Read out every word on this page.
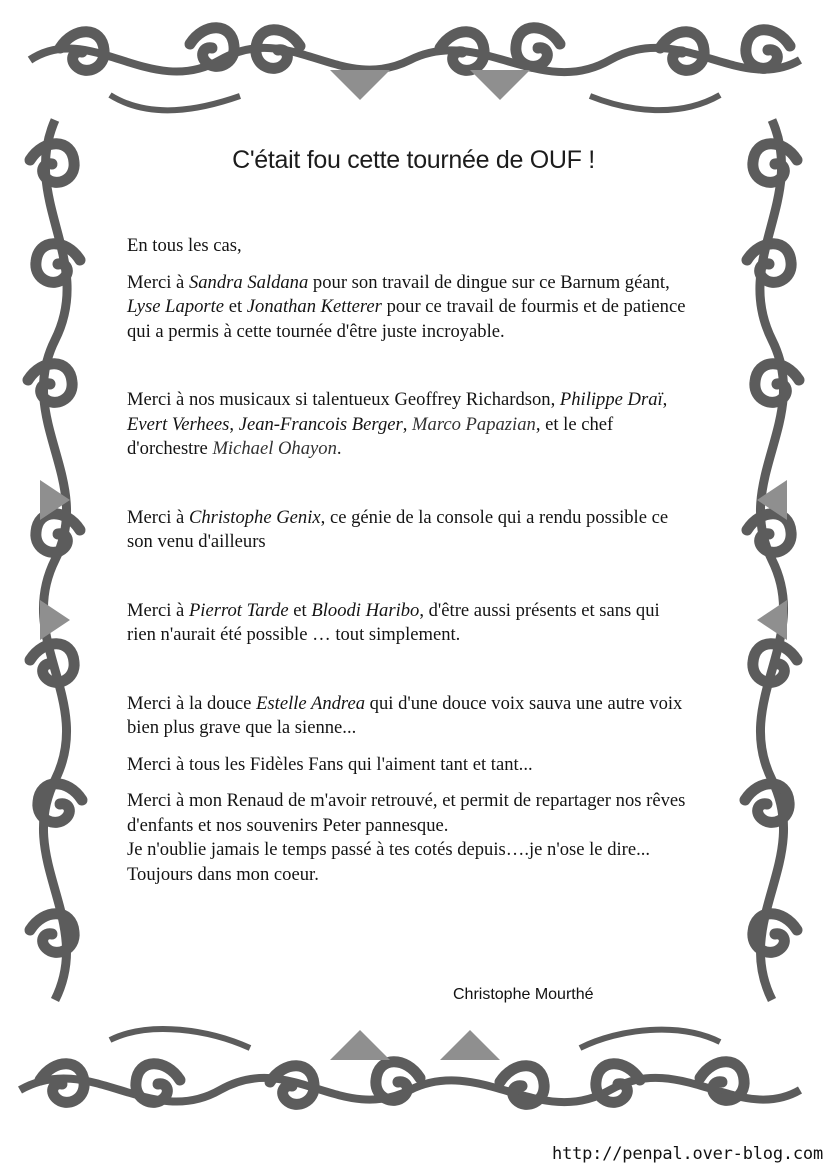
C'était fou cette tournée de OUF !

En tous les cas,

Merci à Sandra Saldana pour son travail de dingue sur ce Barnum géant, Lyse Laporte et Jonathan Ketterer pour ce travail de fourmis et de patience qui a permis à cette tournée d'être juste incroyable.

Merci à nos musicaux si talentueux Geoffrey Richardson, Philippe Draï, Evert Verhees, Jean-Francois Berger, Marco Papazian, et le chef d'orchestre Michael Ohayon.

Merci à Christophe Genix, ce génie de la console qui a rendu possible ce son venu d'ailleurs

Merci à Pierrot Tarde et Bloodi Haribo, d'être aussi présents et sans qui rien n'aurait été possible … tout simplement.

Merci à la douce Estelle Andrea qui d'une douce voix sauva une autre voix bien plus grave que la sienne...

Merci à tous les Fidèles Fans qui l'aiment tant et tant...

Merci à mon Renaud de m'avoir retrouvé, et permit de repartager nos rêves d'enfants et nos souvenirs Peter pannesque.
Je n'oublie jamais le temps passé à tes cotés depuis….je n'ose le dire...
Toujours dans mon coeur.

Christophe Mourthé
http://penpal.over-blog.com
